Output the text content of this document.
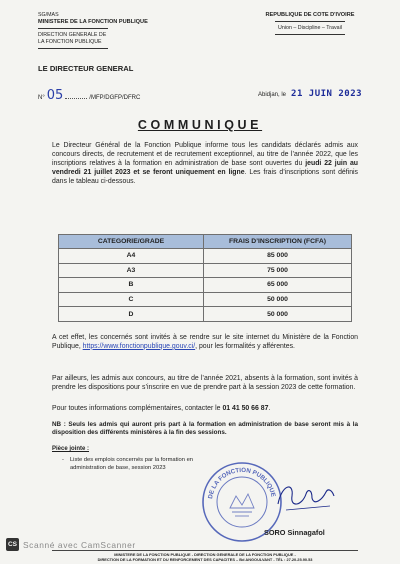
SG/MAS
MINISTERE DE LA FONCTION PUBLIQUE
DIRECTION GENERALE DE
LA FONCTION PUBLIQUE
REPUBLIQUE DE COTE D'IVOIRE
Union – Discipline – Travail
LE DIRECTEUR GENERAL
N° 05	/MFP/DGFP/DFRC	Abidjan, le 21 JUIN 2023
COMMUNIQUE
Le Directeur Général de la Fonction Publique informe tous les candidats déclarés admis aux concours directs, de recrutement et de recrutement exceptionnel, au titre de l’année 2022, que les inscriptions relatives à la formation en administration de base sont ouvertes du jeudi 22 juin au vendredi 21 juillet 2023 et se feront uniquement en ligne. Les frais d’inscriptions sont définis dans le tableau ci-dessous.
CATEGORIE/GRADE	FRAIS D’INSCRIPTION (FCFA)
A4	85 000
A3	75 000
B	65 000
C	50 000
D	50 000
A cet effet, les concernés sont invités à se rendre sur le site internet du Ministère de la Fonction Publique, https://www.fonctionpublique.gouv.ci/, pour les formalités y afférentes.
Par ailleurs, les admis aux concours, au titre de l’année 2021, absents à la formation, sont invités à prendre les dispositions pour s’inscrire en vue de prendre part à la session 2023 de cette formation.
Pour toutes informations complémentaires, contacter le 01 41 50 66 87.
NB : Seuls les admis qui auront pris part à la formation en administration de base seront mis à la disposition des différents ministères à la fin des sessions.
Pièce jointe :
- Liste des emplois concernés par la formation en administration de base, session 2023
DE LA FONCTION PUBLIQUE
SORO Sinnagafol
CS Scanné avec CamScanner
MINISTERE DE LA FONCTION PUBLIQUE - DIRECTION GENERALE DE LA FONCTION PUBLIQUE -
DIRECTION DE LA FORMATION ET DU RENFORCEMENT DES CAPACITES – Bd ANGOULVANT - TÉL : 27.20.25.90.53
